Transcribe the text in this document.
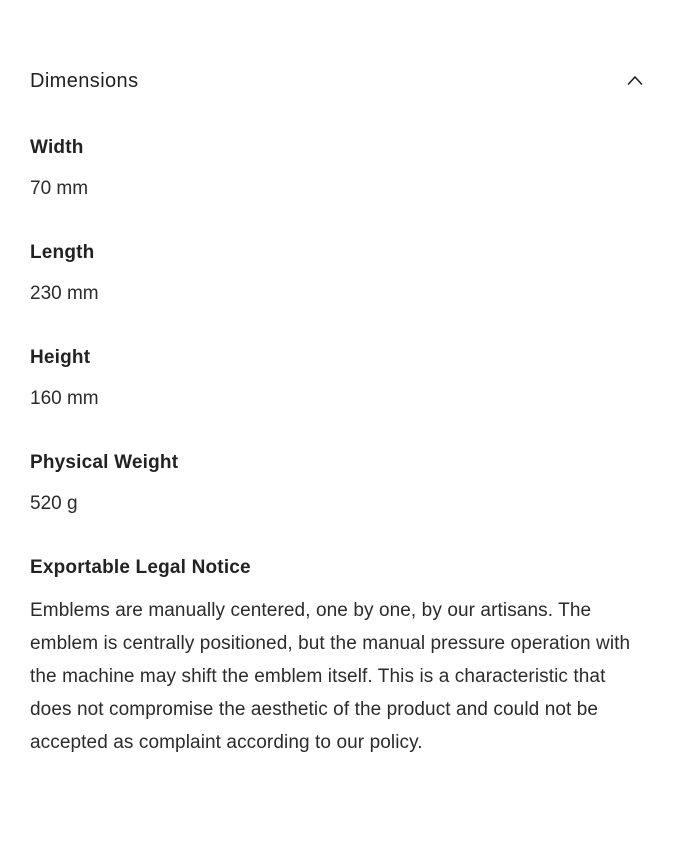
Dimensions
Width
70 mm
Length
230 mm
Height
160 mm
Physical Weight
520 g
Exportable Legal Notice

Emblems are manually centered, one by one, by our artisans. The emblem is centrally positioned, but the manual pressure operation with the machine may shift the emblem itself. This is a characteristic that does not compromise the aesthetic of the product and could not be accepted as complaint according to our policy.
